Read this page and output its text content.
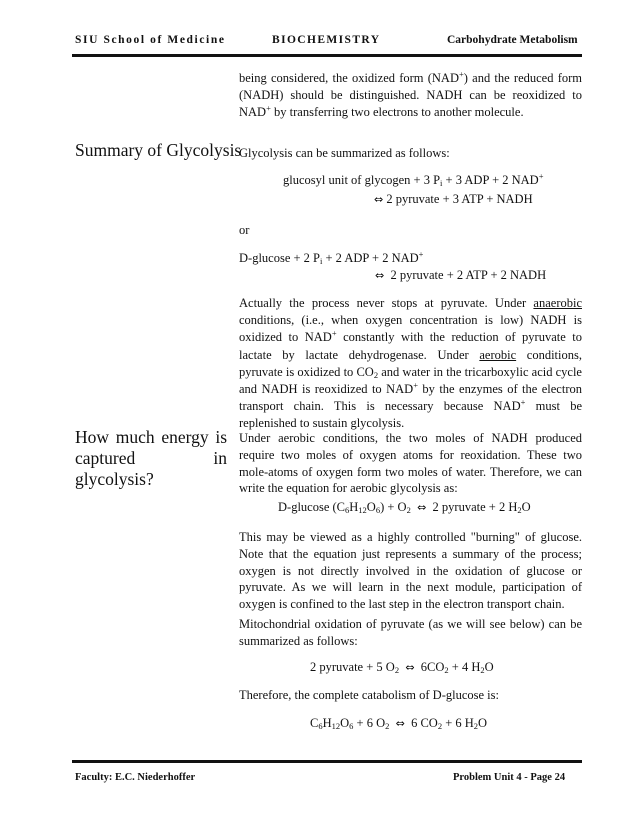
SIU School of Medicine	BIOCHEMISTRY	Carbohydrate Metabolism
Summary of Glycolysis
How much energy is captured in glycolysis?

being considered, the oxidized form (NAD+) and the reduced form (NADH) should be distinguished. NADH can be reoxidized to NAD+ by transferring two electrons to another molecule.

Glycolysis can be summarized as follows:

glucosyl unit of glycogen + 3 $P_i + 3$ ADP + 2 NAD+
⇔ 2 pyruvate + 3 ATP + NADH

or

D-glucose + 2 $P_i + 2$ ADP + 2 NAD+
⇔ 2 pyruvate + 2 ATP + 2 NADH

Actually the process never stops at pyruvate. Under anaerobic conditions, (i.e., when oxygen concentration is low) NADH is oxidized to NAD+ constantly with the reduction of pyruvate to lactate by lactate dehydrogenase. Under aerobic conditions, pyruvate is oxidized to $CO_2$ and water in the tricarboxylic acid cycle and NADH is reoxidized to NAD+ by the enzymes of the electron transport chain. This is necessary because NAD+ must be replenished to sustain glycolysis.

Under aerobic conditions, the two moles of NADH produced require two moles of oxygen atoms for reoxidation. These two mole-atoms of oxygen form two moles of water. Therefore, we can write the equation for aerobic glycolysis as:

D-glucose $(C_6H_{12}O_6) + O_2$ ⇔ 2 pyruvate + 2 $H_2O$

This may be viewed as a highly controlled "burning" of glucose. Note that the equation just represents a summary of the process; oxygen is not directly involved in the oxidation of glucose or pyruvate. As we will learn in the next module, participation of oxygen is confined to the last step in the electron transport chain.

Mitochondrial oxidation of pyruvate (as we will see below) can be summarized as follows:

2 pyruvate + 5 $O_2$ ⇔ $6CO_2 + 4$ $H_2O$

Therefore, the complete catabolism of D-glucose is:

$C_6H_{12}O_6 + 6$ $O_2$ ⇔ 6 $CO_2 + 6$ $H_2O$
Faculty: E.C. Niederhoffer	Problem Unit 4 - Page 24
